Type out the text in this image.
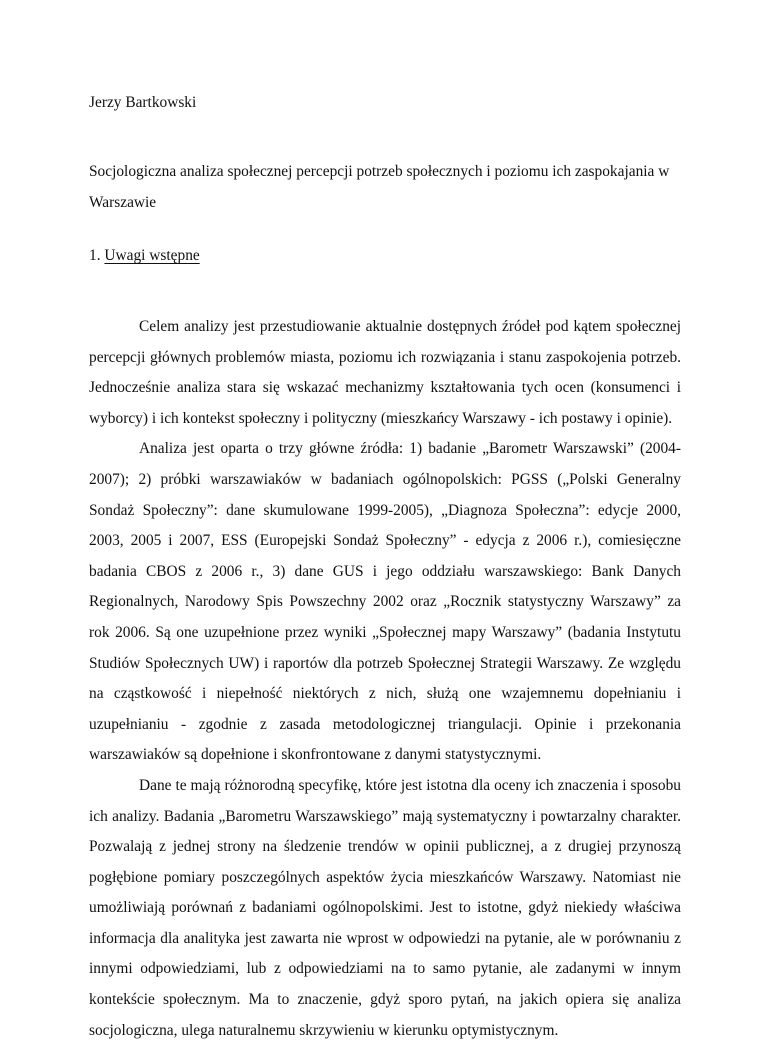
Jerzy Bartkowski

Socjologiczna analiza społecznej percepcji potrzeb społecznych i poziomu ich zaspokajania w Warszawie

1. Uwagi wstępne

Celem analizy jest przestudiowanie aktualnie dostępnych źródeł pod kątem społecznej percepcji głównych problemów miasta, poziomu ich rozwiązania i stanu zaspokojenia potrzeb. Jednocześnie analiza stara się wskazać mechanizmy kształtowania tych ocen (konsumenci i wyborcy) i ich kontekst społeczny i polityczny (mieszkańcy Warszawy - ich postawy i opinie).

Analiza jest oparta o trzy główne źródła: 1) badanie „Barometr Warszawski” (2004-2007); 2) próbki warszawiaków w badaniach ogólnopolskich: PGSS („Polski Generalny Sondaż Społeczny”: dane skumulowane 1999-2005), „Diagnoza Społeczna”: edycje 2000, 2003, 2005 i 2007, ESS (Europejski Sondaż Społeczny” - edycja z 2006 r.), comiesięczne badania CBOS z 2006 r., 3) dane GUS i jego oddziału warszawskiego: Bank Danych Regionalnych, Narodowy Spis Powszechny 2002 oraz „Rocznik statystyczny Warszawy” za rok 2006. Są one uzupełnione przez wyniki „Społecznej mapy Warszawy” (badania Instytutu Studiów Społecznych UW) i raportów dla potrzeb Społecznej Strategii Warszawy. Ze względu na cząstkowość i niepełność niektórych z nich, służą one wzajemnemu dopełnianiu i uzupełnianiu - zgodnie z zasada metodologicznej triangulacji. Opinie i przekonania warszawiaków są dopełnione i skonfrontowane z danymi statystycznymi.

Dane te mają różnorodną specyfikę, które jest istotna dla oceny ich znaczenia i sposobu ich analizy. Badania „Barometru Warszawskiego” mają systematyczny i powtarzalny charakter. Pozwalają z jednej strony na śledzenie trendów w opinii publicznej, a z drugiej przynoszą pogłębione pomiary poszczególnych aspektów życia mieszkańców Warszawy. Natomiast nie umożliwiają porównań z badaniami ogólnopolskimi. Jest to istotne, gdyż niekiedy właściwa informacja dla analityka jest zawarta nie wprost w odpowiedzi na pytanie, ale w porównaniu z innymi odpowiedziami, lub z odpowiedziami na to samo pytanie, ale zadanymi w innym kontekście społecznym. Ma to znaczenie, gdyż sporo pytań, na jakich opiera się analiza socjologiczna, ulega naturalnemu skrzywieniu w kierunku optymistycznym.
